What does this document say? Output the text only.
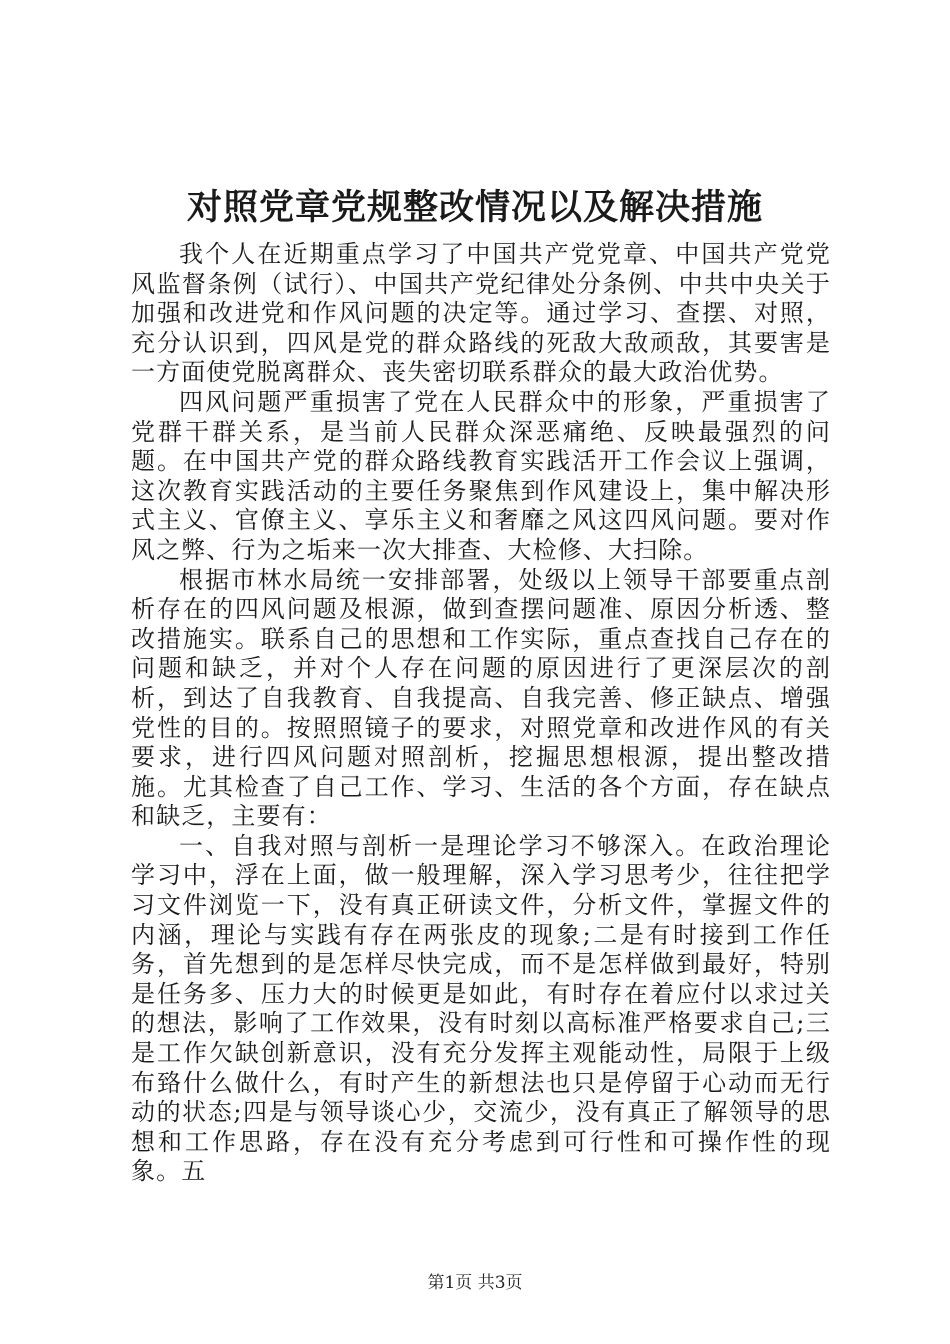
对照党章党规整改情况以及解决措施

我个人在近期重点学习了中国共产党党章、中国共产党党风监督条例（试行）、中国共产党纪律处分条例、中共中央关于加强和改进党和作风问题的决定等。通过学习、查摆、对照，充分认识到，四风是党的群众路线的死敌大敌顽敌，其要害是一方面使党脱离群众、丧失密切联系群众的最大政治优势。

四风问题严重损害了党在人民群众中的形象，严重损害了党群干群关系，是当前人民群众深恶痛绝、反映最强烈的问题。在中国共产党的群众路线教育实践活开工作会议上强调，这次教育实践活动的主要任务聚焦到作风建设上，集中解决形式主义、官僚主义、享乐主义和奢靡之风这四风问题。要对作风之弊、行为之垢来一次大排查、大检修、大扫除。

根据市林水局统一安排部署，处级以上领导干部要重点剖析存在的四风问题及根源，做到查摆问题准、原因分析透、整改措施实。联系自己的思想和工作实际，重点查找自己存在的问题和缺乏，并对个人存在问题的原因进行了更深层次的剖析，到达了自我教育、自我提高、自我完善、修正缺点、增强党性的目的。按照照镜子的要求，对照党章和改进作风的有关要求，进行四风问题对照剖析，挖掘思想根源，提出整改措施。尤其检查了自己工作、学习、生活的各个方面，存在缺点和缺乏，主要有：

一、自我对照与剖析一是理论学习不够深入。在政治理论学习中，浮在上面，做一般理解，深入学习思考少，往往把学习文件浏览一下，没有真正研读文件，分析文件，掌握文件的内涵，理论与实践有存在两张皮的现象;二是有时接到工作任务，首先想到的是怎样尽快完成，而不是怎样做到最好，特别是任务多、压力大的时候更是如此，有时存在着应付以求过关的想法，影响了工作效果，没有时刻以高标准严格要求自己;三是工作欠缺创新意识，没有充分发挥主观能动性，局限于上级布臵什么做什么，有时产生的新想法也只是停留于心动而无行动的状态;四是与领导谈心少，交流少，没有真正了解领导的思想和工作思路，存在没有充分考虑到可行性和可操作性的现象。五

第1页 共3页
